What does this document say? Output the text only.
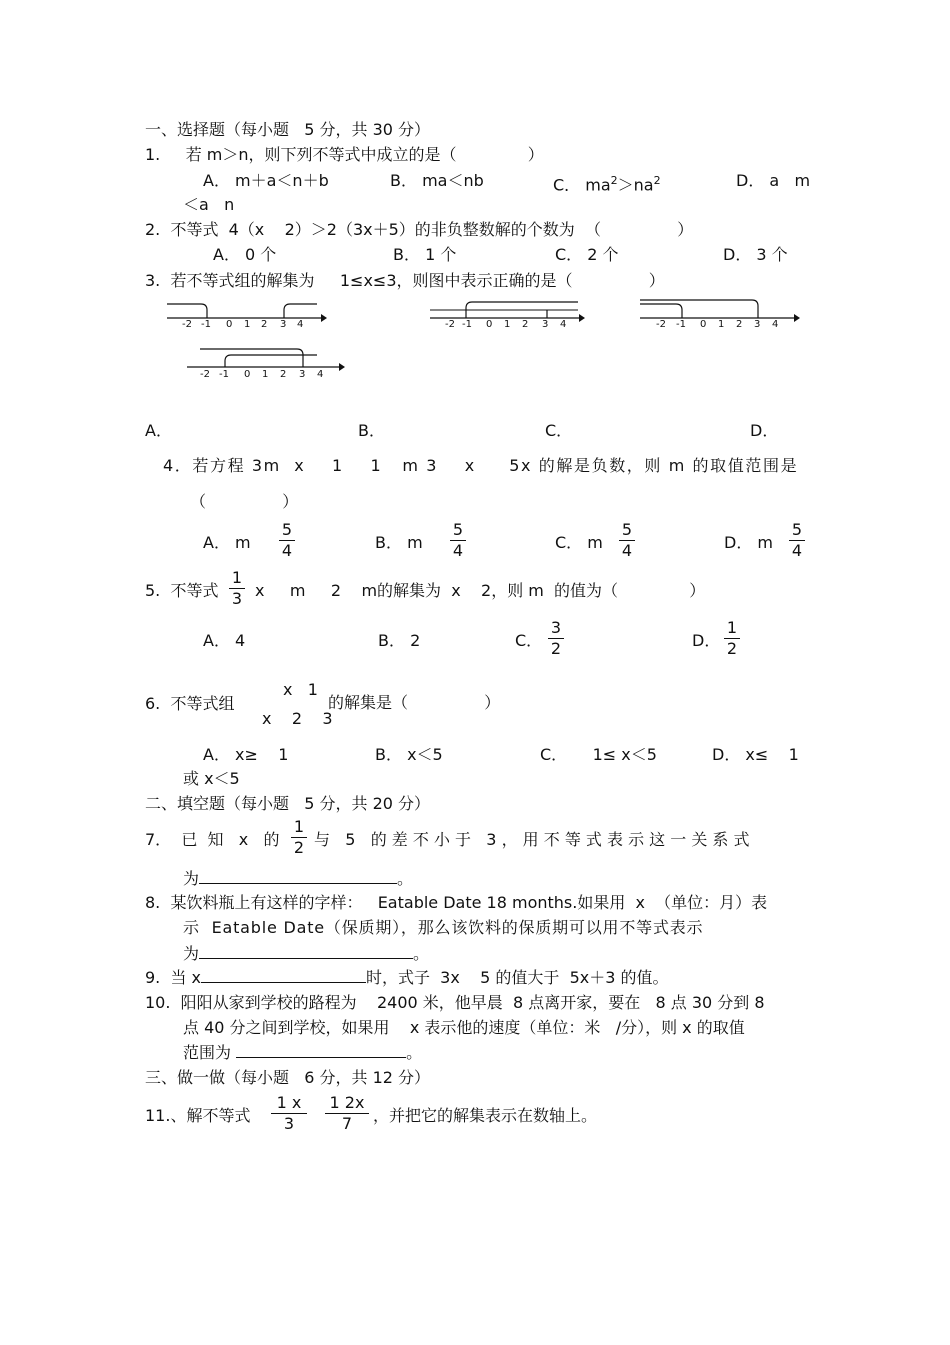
一、选择题（每小题   5 分，共 30 分）
1.     若 m＞n，则下列不等式中成立的是（              ）
A． m＋a＜n＋b	B． ma＜nb	C． $ma^2>na^2$	D． a   m
＜a   n
2.  不等式  4（x    2）＞2（3x＋5）的非负整数解的个数为  （               ）
A． 0 个	B． 1 个	C． 2 个	D． 3 个
3.  若不等式组的解集为     1≤x≤3，则图中表示正确的是（               ）
-2 -1 0 1 2 3 4	-2 -1 0 1 2 3 4	-2 -1 0 1 2 3 4
-2 -1 0 1 2 3 4
A．	B．	C．	D．
4．若方程 3m  x    1    1   m 3    x     5x 的解是负数，则 m 的取值范围是
（               ）
A． m
5
4	B． m
5
4	C． m
5
4	D． m
5
4
5.  不等式
1
3 x     m     2    m的解集为  x    2，则 m  的值为（              ）
A． 4	B． 2	C．
3
2	D．
1
2
6.  不等式组
x   1
x    2    3
的解集是（               ）
A． x≥    1	B． x＜5	C．     1≤ x＜5	D． x≤    1
或 x＜5
二、填空题（每小题   5 分，共 20 分）
7．  已  知   x   的
1
2 与   5   的 差 不 小 于   3 ， 用 不 等 式 表 示 这 一 关 系 式
为	。
8.  某饮料瓶上有这样的字样：   Eatable Date 18 months.如果用  x  （单位：月）表
示  Eatable Date（保质期），那么该饮料的保质期可以用不等式表示
为	。
9.  当 x	时，式子  3x    5 的值大于  5x＋3 的值。
10.  阳阳从家到学校的路程为    2400 米，他早晨  8 点离开家，要在   8 点 30 分到 8
点 40 分之间到学校，如果用    x 表示他的速度（单位：米   /分），则 x 的取值
范围为	。
三、做一做（每小题   6 分，共 12 分）
11.、解不等式
1 x
3
1 2x
7	，并把它的解集表示在数轴上。
